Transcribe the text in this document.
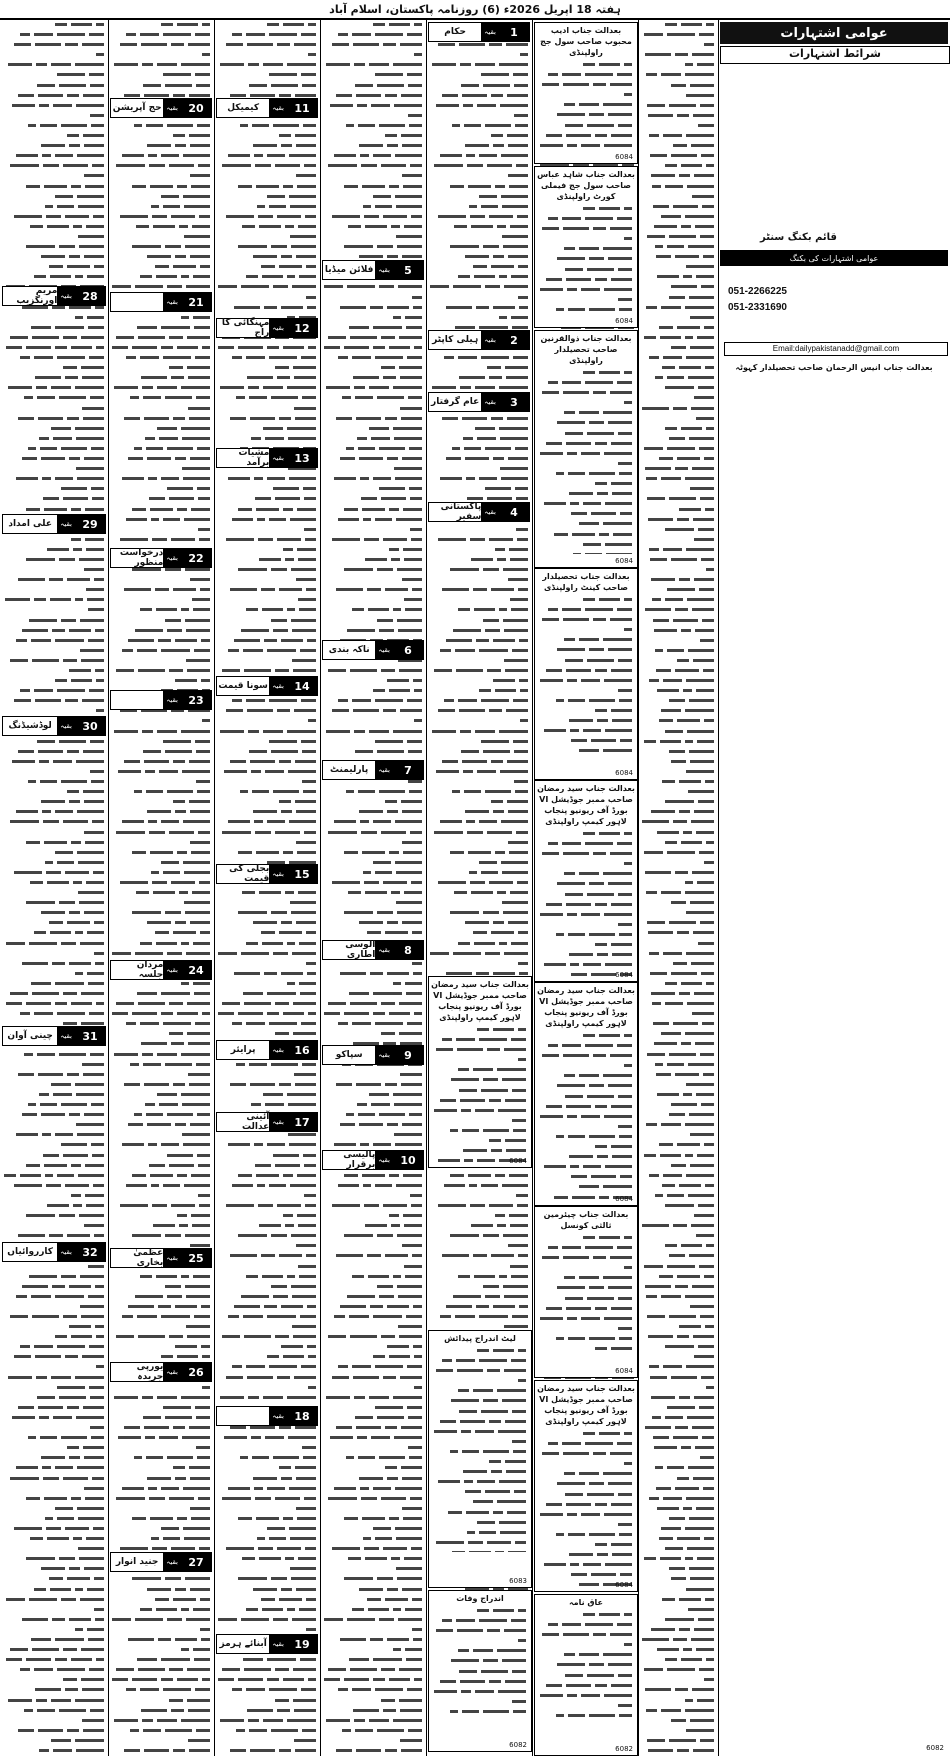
ہفتہ 18 اپریل 2026ء (6) روزنامہ پاکستان، اسلام آباد

1
بقیہ
حکام
2
بقیہ
ہیلی کاپٹر
3
بقیہ
عام گرفتار
4
بقیہ
پاکستانی سفیر
5
بقیہ
فلائن میڈیا
6
بقیہ
ناکہ بندی
7
بقیہ
پارلیمنٹ
8
بقیہ
الوسی اطاری
9
بقیہ
سپاکو
10
بقیہ
پالیسی برقرار
11
بقیہ
کیمیکل
12
بقیہ
مہنگائی کا راج
13
بقیہ
مشیات برآمد
14
بقیہ
سونا قیمت
15
بقیہ
بجلی کی قیمت
16
بقیہ
پرایئر
17
بقیہ
آئینی عدالت
18
بقیہ
19
بقیہ
آبنائے ہرمز
20
بقیہ
حج آپریشن
21
بقیہ
22
بقیہ
درخواست منظور
23
بقیہ
24
بقیہ
مردان جلسہ
25
بقیہ
عظمیٰ بخاری
26
بقیہ
یورپی جریدہ
27
بقیہ
جنید انوار
28
بقیہ
مریم اورنگزیب
29
بقیہ
علی امداد
30
بقیہ
لوڈشیڈنگ
31
بقیہ
چینی آوان
32
بقیہ
کارروائیاں
بعدالت جناب ادیب محبوب صاحب سول جج راولپنڈی

6084
بعدالت جناب شاہد عباس صاحب سول جج فیملی کورٹ راولپنڈی

6084
بعدالت جناب ذوالقرنین صاحب تحصیلدار راولپنڈی

6084
بعدالت جناب تحصیلدار صاحب کینٹ راولپنڈی

6084
بعدالت جناب سید رمضان صاحب ممبر جوڈیشل VI بورڈ آف ریونیو پنجاب لاہور کیمپ راولپنڈی

6084
بعدالت جناب سید رمضان صاحب ممبر جوڈیشل VI بورڈ آف ریونیو پنجاب لاہور کیمپ راولپنڈی

6084
بعدالت جناب چیئرمین ثالثی کونسل

6084
بعدالت جناب سید رمضان صاحب ممبر جوڈیشل VI بورڈ آف ریونیو پنجاب لاہور کیمپ راولپنڈی

6084
بعدالت جناب سید رمضان صاحب ممبر جوڈیشل VI بورڈ آف ریونیو پنجاب لاہور کیمپ راولپنڈی

6084
لیٹ اندراج پیدائش

6083
اندراج وفات

6082
عاق نامہ

6082
عوامی اشتہارات
شرائط اشتہارات
عوامی اشتہارات کی بکنگ
قائم بکنگ سنٹر
051-2266225
051-2331690
Email:dailypakistanadd@gmail.com
بعدالت جناب انیس الرحمان صاحب تحصیلدار کہوٹہ
6082
